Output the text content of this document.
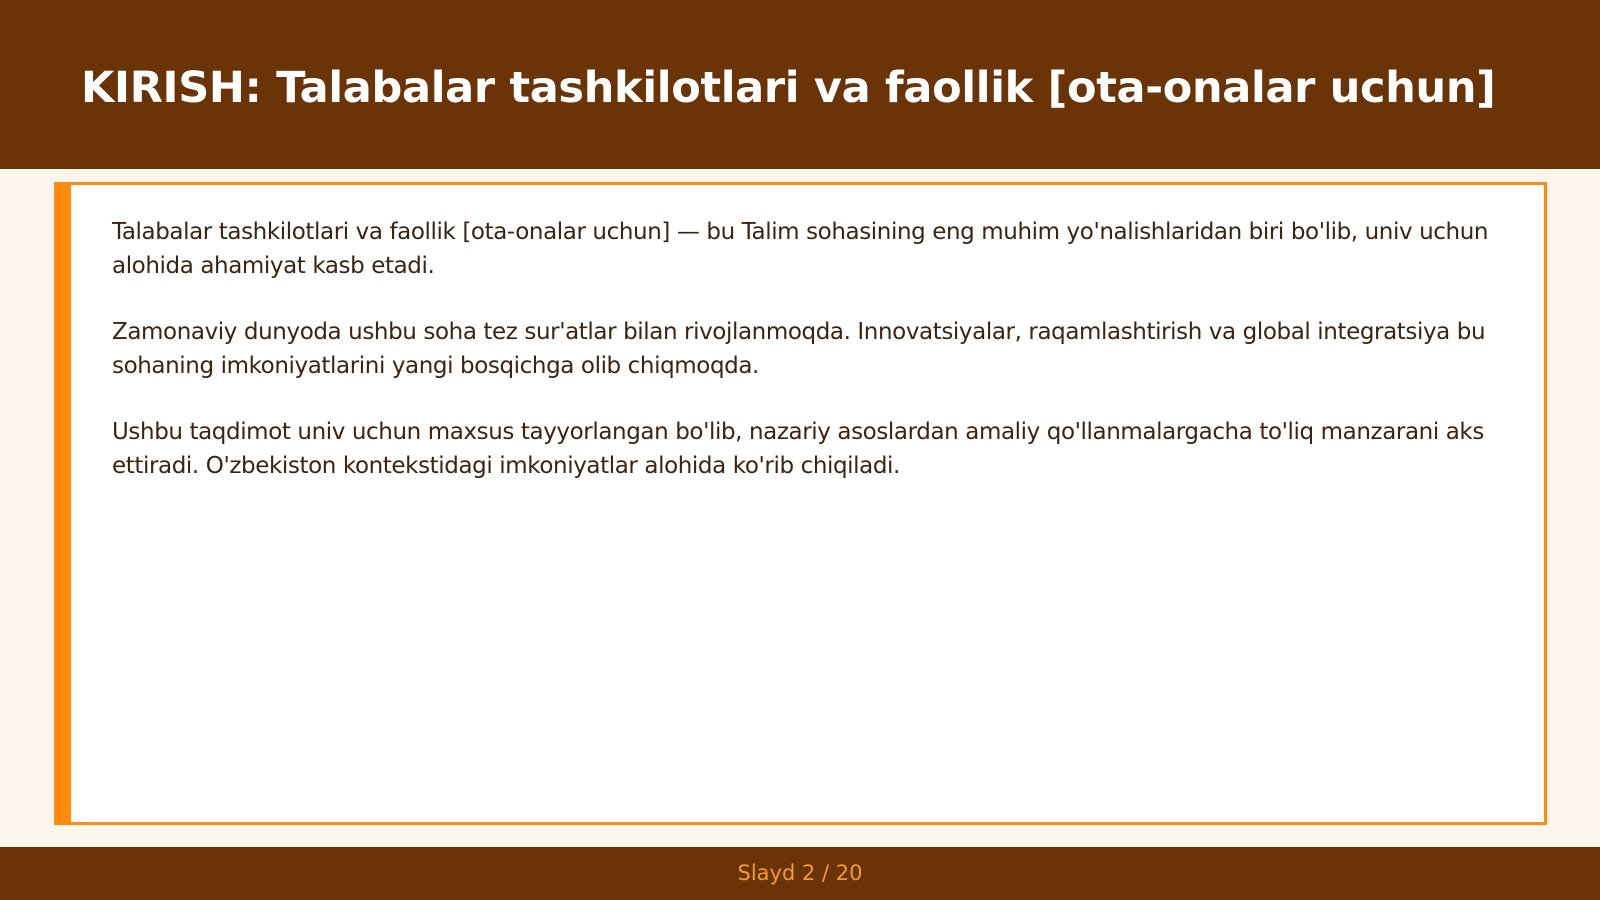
KIRISH: Talabalar tashkilotlari va faollik [ota-onalar uchun]

Talabalar tashkilotlari va faollik [ota-onalar uchun] — bu Talim sohasining eng muhim yo'nalishlaridan biri bo'lib, univ uchun alohida ahamiyat kasb etadi.

Zamonaviy dunyoda ushbu soha tez sur'atlar bilan rivojlanmoqda. Innovatsiyalar, raqamlashtirish va global integratsiya bu sohaning imkoniyatlarini yangi bosqichga olib chiqmoqda.

Ushbu taqdimot univ uchun maxsus tayyorlangan bo'lib, nazariy asoslardan amaliy qo'llanmalargacha to'liq manzarani aks ettiradi. O'zbekiston kontekstidagi imkoniyatlar alohida ko'rib chiqiladi.

Slayd 2 / 20
